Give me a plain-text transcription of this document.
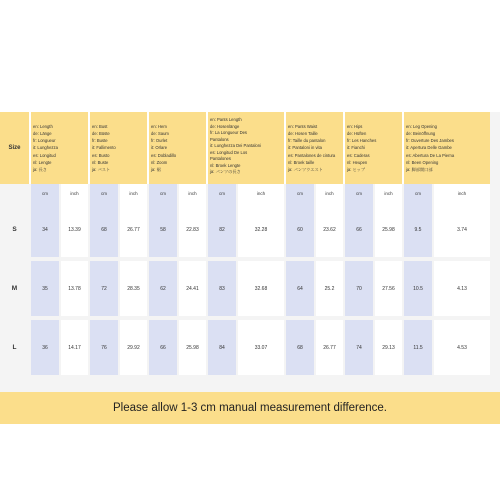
Size
en: Length
de: Länge
fr: Longueur
it: Lunghezza
es: Longitud
nl: Lengte
ja: 長さ
en: Bust
de: Büste
fr: Buste
it: Fallimento
es: Busto
nl: Buste
ja: バスト
en: Hem
de: Saum
fr: Ourlet
it: Orlare
es: Dobladillo
nl: Zoom
ja: 裾
en: Pants Length
de: Hosenlänge
fr: La Longueur Des
Pantalons
it: Lunghezza Dei Pantaloni
es: Longitud De Los
Pantalones
nl: Broek Lengte
ja: パンツの長さ
en: Pants Waist
de: Hosen Taille
fr: Taille du pantalon
it: Pantaloni in vita
es: Pantalones de cintura
nl: Broek taille
ja: パンツウエスト
en: Hips
de: Hüften
fr: Les Hanches
it: Fianchi
es: Caderas
nl: Heupen
ja: ヒップ
en: Leg Opening
de: Beinöffnung
fr: Ouverture Des Jambes
it: Apertura Delle Gambe
es: Abertura De La Pierna
nl: Been Opening
ja: 脚部開口部
cm	inch	cm	inch	cm	inch	cm	inch	cm	inch	cm	inch	cm	inch
S	34	13.39	68	26.77	58	22.83	82	32.28	60	23.62	66	25.98	9.5	3.74
M	35	13.78	72	28.35	62	24.41	83	32.68	64	25.2	70	27.56	10.5	4.13
L	36	14.17	76	29.92	66	25.98	84	33.07	68	26.77	74	29.13	11.5	4.53
Please allow 1-3 cm manual measurement difference.
